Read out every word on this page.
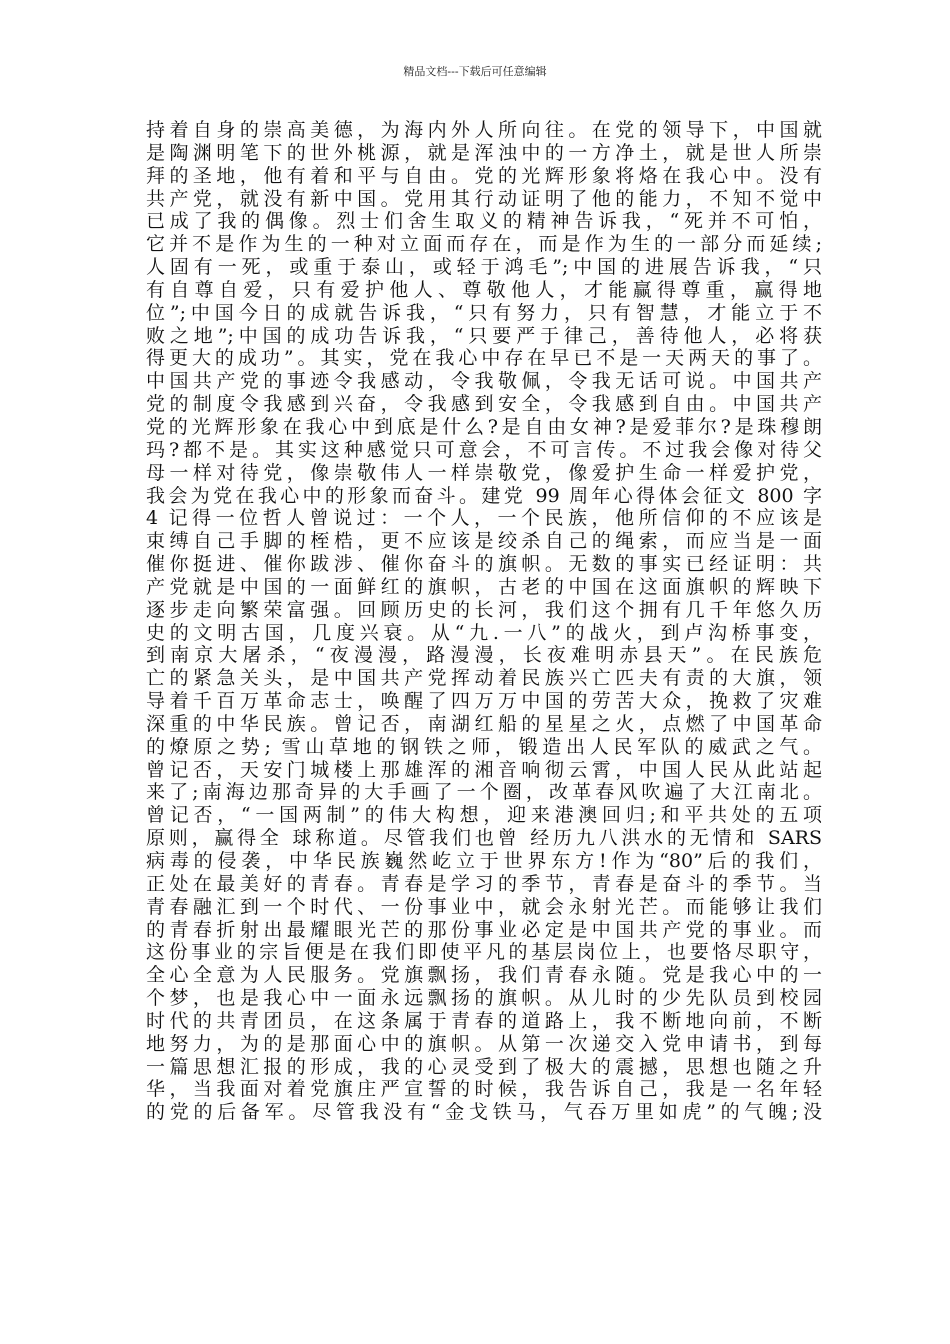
精品文档---下载后可任意编辑
持着自身的崇高美德，为海内外人所向往。在党的领导下，中国就
是陶渊明笔下的世外桃源，就是浑浊中的一方净土，就是世人所崇
拜的圣地，他有着和平与自由。党的光辉形象将烙在我心中。没有
共产党，就没有新中国。党用其行动证明了他的能力，不知不觉中
已成了我的偶像。烈士们舍生取义的精神告诉我，“死并不可怕，
它并不是作为生的一种对立面而存在，而是作为生的一部分而延续;
人固有一死，或重于泰山，或轻于鸿毛”;中国的进展告诉我，“只
有自尊自爱，只有爱护他人、尊敬他人，才能赢得尊重，赢得地
位”;中国今日的成就告诉我，“只有努力，只有智慧，才能立于不
败之地”;中国的成功告诉我，“只要严于律己，善待他人，必将获
得更大的成功”。其实，党在我心中存在早已不是一天两天的事了。
中国共产党的事迹令我感动，令我敬佩，令我无话可说。中国共产
党的制度令我感到兴奋，令我感到安全，令我感到自由。中国共产
党的光辉形象在我心中到底是什么?是自由女神?是爱菲尔?是珠穆朗
玛?都不是。其实这种感觉只可意会，不可言传。不过我会像对待父
母一样对待党，像崇敬伟人一样崇敬党，像爱护生命一样爱护党，
我会为党在我心中的形象而奋斗。建党 99 周年心得体会征文 800 字
4 记得一位哲人曾说过：一个人，一个民族，他所信仰的不应该是
束缚自己手脚的桎梏，更不应该是绞杀自己的绳索，而应当是一面
催你挺进、催你跋涉、催你奋斗的旗帜。无数的事实已经证明：共
产党就是中国的一面鲜红的旗帜，古老的中国在这面旗帜的辉映下
逐步走向繁荣富强。回顾历史的长河，我们这个拥有几千年悠久历
史的文明古国，几度兴衰。从“九.一八”的战火，到卢沟桥事变，
到南京大屠杀，“夜漫漫，路漫漫，长夜难明赤县天”。在民族危
亡的紧急关头，是中国共产党挥动着民族兴亡匹夫有责的大旗，领
导着千百万革命志士，唤醒了四万万中国的劳苦大众，挽救了灾难
深重的中华民族。曾记否，南湖红船的星星之火，点燃了中国革命
的燎原之势; 雪山草地的钢铁之师，锻造出人民军队的威武之气。
曾记否，天安门城楼上那雄浑的湘音响彻云霄，中国人民从此站起
来了;南海边那奇异的大手画了一个圈，改革春风吹遍了大江南北。
曾记否，“一国两制”的伟大构想，迎来港澳回归;和平共处的五项
原则，赢得全 球称道。尽管我们也曾 经历九八洪水的无情和 SARS
病毒的侵袭，中华民族巍然屹立于世界东方!作为“80”后的我们，
正处在最美好的青春。青春是学习的季节，青春是奋斗的季节。当
青春融汇到一个时代、一份事业中，就会永射光芒。而能够让我们
的青春折射出最耀眼光芒的那份事业必定是中国共产党的事业。而
这份事业的宗旨便是在我们即使平凡的基层岗位上，也要恪尽职守，
全心全意为人民服务。党旗飘扬，我们青春永随。党是我心中的一
个梦，也是我心中一面永远飘扬的旗帜。从儿时的少先队员到校园
时代的共青团员，在这条属于青春的道路上，我不断地向前，不断
地努力，为的是那面心中的旗帜。从第一次递交入党申请书，到每
一篇思想汇报的形成，我的心灵受到了极大的震撼，思想也随之升
华，当我面对着党旗庄严宣誓的时候，我告诉自己，我是一名年轻
的党的后备军。尽管我没有“金戈铁马，气吞万里如虎”的气魄;没
